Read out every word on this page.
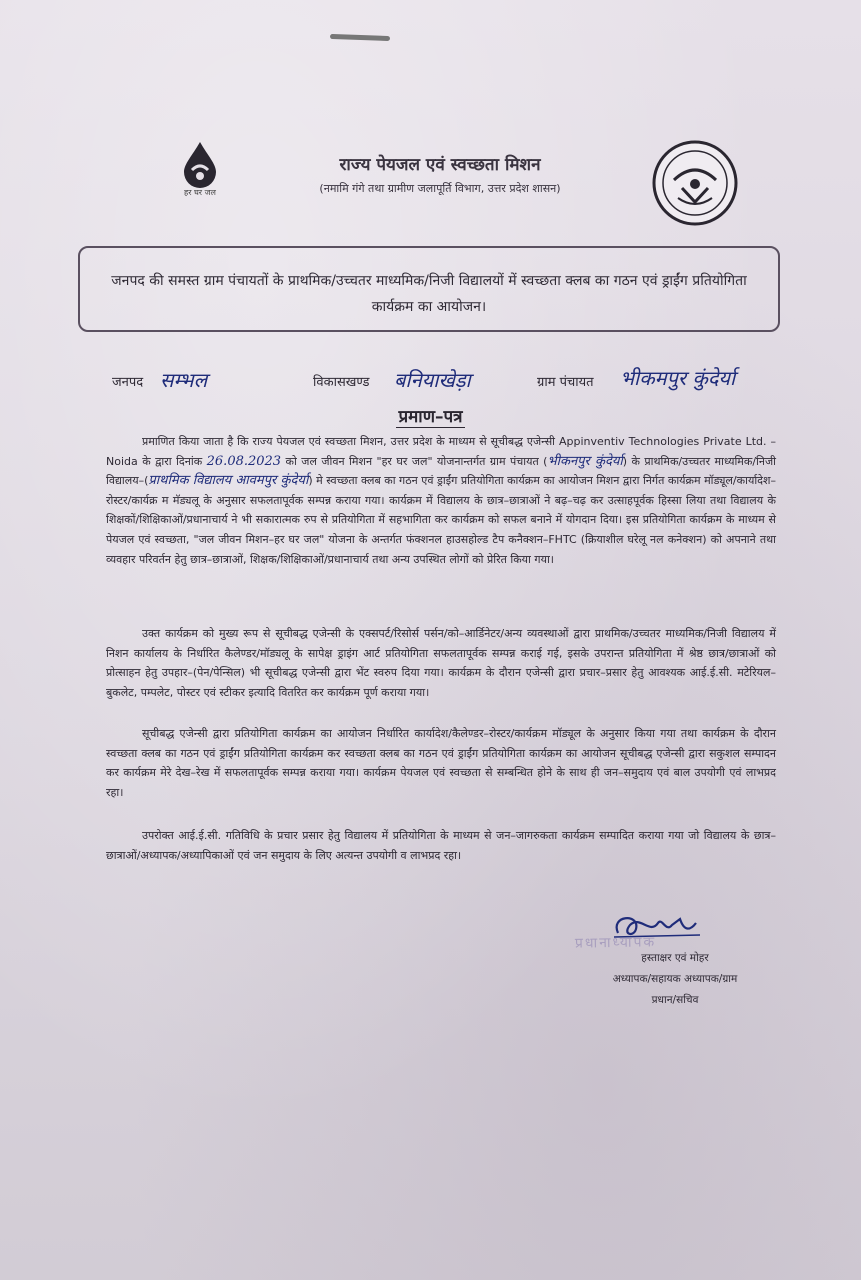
हर घर जल
राज्य पेयजल एवं स्वच्छता मिशन
(नमामि गंगे तथा ग्रामीण जलापूर्ति विभाग, उत्तर प्रदेश शासन)
जनपद की समस्त ग्राम पंचायतों के प्राथमिक/उच्चतर माध्यमिक/निजी विद्यालयों में स्वच्छता क्लब का गठन एवं ड्राईंग प्रतियोगिता कार्यक्रम का आयोजन।
जनपद सम्भल	विकासखण्ड बनियाखेड़ा	ग्राम पंचायत भीकमपुर कुंदेर्या
प्रमाण–पत्र
प्रमाणित किया जाता है कि राज्य पेयजल एवं स्वच्छता मिशन, उत्तर प्रदेश के माध्यम से सूचीबद्ध एजेन्सी Appinventiv Technologies Private Ltd. – Noida के द्वारा दिनांक 26.08.2023 को जल जीवन मिशन "हर घर जल" योजनान्तर्गत ग्राम पंचायत (भीकनपुर कुंदेर्या) के प्राथमिक/उच्चतर माध्यमिक/निजी विद्यालय–(प्राथमिक विद्यालय आवमपुर कुंदेर्या) मे स्वच्छता क्लब का गठन एवं ड्राईंग प्रतियोगिता कार्यक्रम का आयोजन मिशन द्वारा निर्गत कार्यक्रम मॉड्यूल/कार्यादेश–रोस्टर/कार्यक्र म मॅड्यलू के अनुसार सफलतापूर्वक सम्पन्न कराया गया। कार्यक्रम में विद्यालय के छात्र–छात्राओं ने बढ़–चढ़ कर उत्साहपूर्वक हिस्सा लिया तथा विद्यालय के शिक्षकों/शिक्षिकाओं/प्रधानाचार्य ने भी सकारात्मक रुप से प्रतियोगिता में सहभागिता कर कार्यक्रम को सफल बनाने में योगदान दिया। इस प्रतियोगिता कार्यक्रम के माध्यम से पेयजल एवं स्वच्छता, "जल जीवन मिशन–हर घर जल" योजना के अन्तर्गत फंक्शनल हाउसहोल्ड टैप कनैक्शन–FHTC (क्रियाशील घरेलू नल कनेक्शन) को अपनाने तथा व्यवहार परिवर्तन हेतु छात्र–छात्राओं, शिक्षक/शिक्षिकाओं/प्रधानाचार्य तथा अन्य उपस्थित लोगों को प्रेरित किया गया।
उक्त कार्यक्रम को मुख्य रूप से सूचीबद्ध एजेन्सी के एक्सपर्ट/रिसोर्स पर्सन/को–आर्डिनेटर/अन्य व्यवस्थाओं द्वारा प्राथमिक/उच्चतर माध्यमिक/निजी विद्यालय में निशन कार्यालय के निर्धारित कैलेण्डर/मॉड्यलू के सापेक्ष ड्राइंग आर्ट प्रतियोगिता सफलतापूर्वक सम्पन्न कराई गई, इसके उपरान्त प्रतियोगिता में श्रेष्ठ छात्र/छात्राओं को प्रोत्साहन हेतु उपहार–(पेन/पेन्सिल) भी सूचीबद्ध एजेन्सी द्वारा भेंट स्वरुप दिया गया। कार्यक्रम के दौरान एजेन्सी द्वारा प्रचार–प्रसार हेतु आवश्यक आई.ई.सी. मटेरियल–बुकलेट, पम्पलेट, पोस्टर एवं स्टीकर इत्यादि वितरित कर कार्यक्रम पूर्ण कराया गया।
सूचीबद्ध एजेन्सी द्वारा प्रतियोगिता कार्यक्रम का आयोजन निर्धारित कार्यादेश/कैलेण्डर–रोस्टर/कार्यक्रम मॉड्यूल के अनुसार किया गया तथा कार्यक्रम के दौरान स्वच्छता क्लब का गठन एवं ड्राईंग प्रतियोगिता कार्यक्रम कर स्वच्छता क्लब का गठन एवं ड्राईंग प्रतियोगिता कार्यक्रम का आयोजन सूचीबद्ध एजेन्सी द्वारा सकुशल सम्पादन कर कार्यक्रम मेरे देख–रेख में सफलतापूर्वक सम्पन्न कराया गया। कार्यक्रम पेयजल एवं स्वच्छता से सम्बन्धित होने के साथ ही जन–समुदाय एवं बाल उपयोगी एवं लाभप्रद रहा।
उपरोक्त आई.ई.सी. गतिविधि के प्रचार प्रसार हेतु विद्यालय में प्रतियोगिता के माध्यम से जन–जागरुकता कार्यक्रम सम्पादित कराया गया जो विद्यालय के छात्र–छात्राओं/अध्यापक/अध्यापिकाओं एवं जन समुदाय के लिए अत्यन्त उपयोगी व लाभप्रद रहा।
प्रधानाध्यापक
हस्ताक्षर एवं मोहर
अध्यापक/सहायक अध्यापक/ग्राम
प्रधान/सचिव
